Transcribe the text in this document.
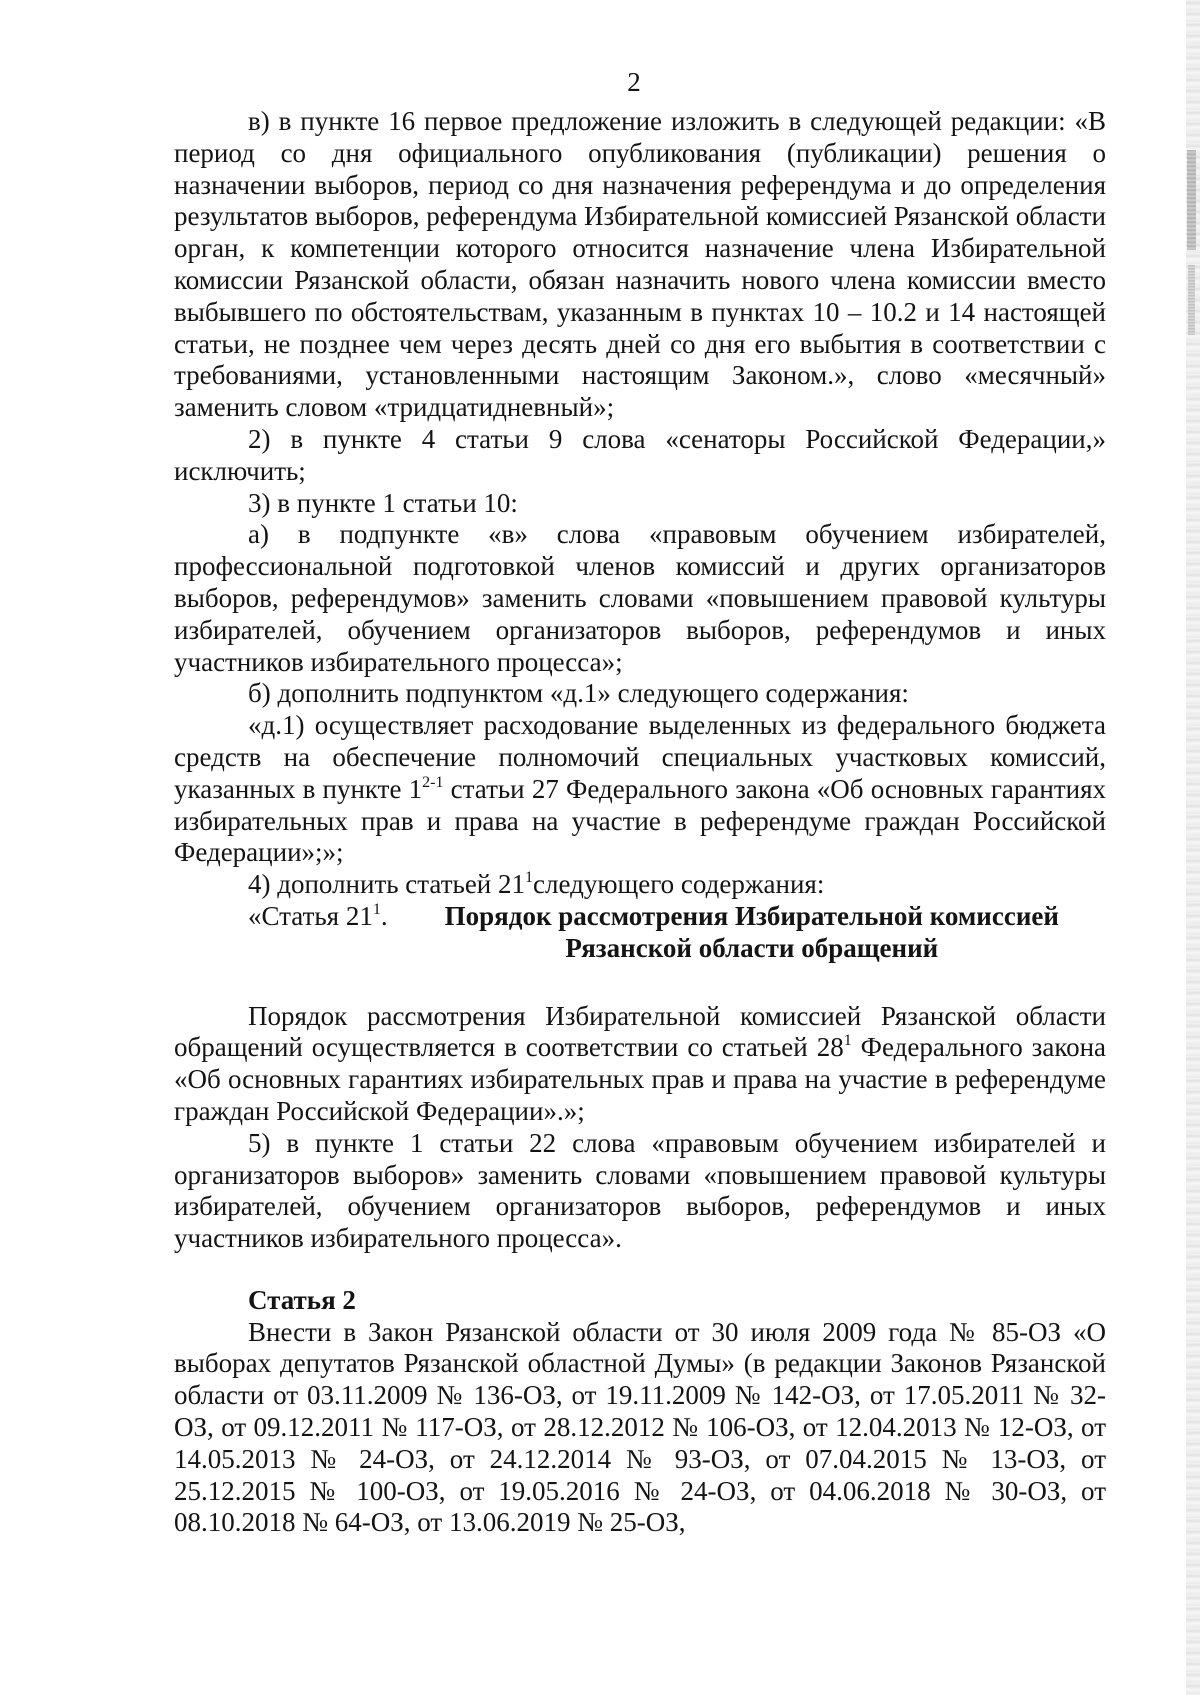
2

в) в пункте 16 первое предложение изложить в следующей редакции: «В период со дня официального опубликования (публикации) решения о назначении выборов, период со дня назначения референдума и до определения результатов выборов, референдума Избирательной комиссией Рязанской области орган, к компетенции которого относится назначение члена Избирательной комиссии Рязанской области, обязан назначить нового члена комиссии вместо выбывшего по обстоятельствам, указанным в пунктах 10 – 10.2 и 14 настоящей статьи, не позднее чем через десять дней со дня его выбытия в соответствии с требованиями, установленными настоящим Законом.», слово «месячный» заменить словом «тридцатидневный»;

2) в пункте 4 статьи 9 слова «сенаторы Российской Федерации,» исключить;

3) в пункте 1 статьи 10:

а) в подпункте «в» слова «правовым обучением избирателей, профессиональной подготовкой членов комиссий и других организаторов выборов, референдумов» заменить словами «повышением правовой культуры избирателей, обучением организаторов выборов, референдумов и иных участников избирательного процесса»;

б) дополнить подпунктом «д.1» следующего содержания:

«д.1) осуществляет расходование выделенных из федерального бюджета средств на обеспечение полномочий специальных участковых комиссий, указанных в пункте 1$^{2-1}$ статьи 27 Федерального закона «Об основных гарантиях избирательных прав и права на участие в референдуме граждан Российской Федерации»;»;

4) дополнить статьей $21^1следующего$ содержания:

«Статья $21^1$.	Порядок рассмотрения Избирательной комиссией Рязанской области обращений

Порядок рассмотрения Избирательной комиссией Рязанской области обращений осуществляется в соответствии со статьей $28^1$ Федерального закона «Об основных гарантиях избирательных прав и права на участие в референдуме граждан Российской Федерации».»;

5) в пункте 1 статьи 22 слова «правовым обучением избирателей и организаторов выборов» заменить словами «повышением правовой культуры избирателей, обучением организаторов выборов, референдумов и иных участников избирательного процесса».

Статья 2

Внести в Закон Рязанской области от 30 июля 2009 года № 85-ОЗ «О выборах депутатов Рязанской областной Думы» (в редакции Законов Рязанской области от 03.11.2009 № 136-ОЗ, от 19.11.2009 № 142-ОЗ, от 17.05.2011 № 32-ОЗ, от 09.12.2011 № 117-ОЗ, от 28.12.2012 № 106-ОЗ, от 12.04.2013 № 12-ОЗ, от 14.05.2013 № 24-ОЗ, от 24.12.2014 № 93-ОЗ, от 07.04.2015 № 13-ОЗ, от 25.12.2015 № 100-ОЗ, от 19.05.2016 № 24-ОЗ, от 04.06.2018 № 30-ОЗ, от 08.10.2018 № 64-ОЗ, от 13.06.2019 № 25-ОЗ,
